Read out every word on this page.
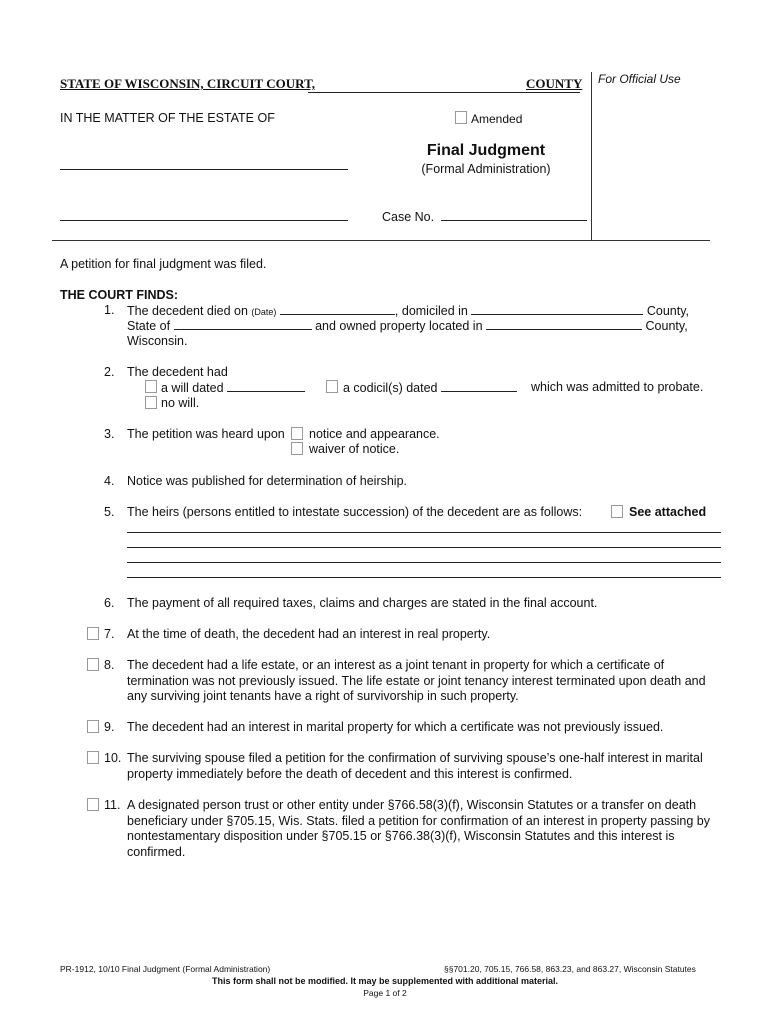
STATE OF WISCONSIN, CIRCUIT COURT,	COUNTY For Official Use
IN THE MATTER OF THE ESTATE OF	Amended
Final Judgment
(Formal Administration)
Case No.
A petition for final judgment was filed.
THE COURT FINDS:
1. The decedent died on (Date)	, domiciled in	County,
State of	and owned property located in	County,
Wisconsin.
2. The decedent had
a will dated	a codicil(s) dated	which was admitted to probate.
no will.
3. The petition was heard upon notice and appearance.
waiver of notice.
4. Notice was published for determination of heirship.
5. The heirs (persons entitled to intestate succession) of the decedent are as follows:	See attached
6. The payment of all required taxes, claims and charges are stated in the final account.
7. At the time of death, the decedent had an interest in real property.
8. The decedent had a life estate, or an interest as a joint tenant in property for which a certificate of
termination was not previously issued. The life estate or joint tenancy interest terminated upon death and
any surviving joint tenants have a right of survivorship in such property.
9. The decedent had an interest in marital property for which a certificate was not previously issued.
10. The surviving spouse filed a petition for the confirmation of surviving spouse’s one-half interest in marital
property immediately before the death of decedent and this interest is confirmed.
11. A designated person trust or other entity under §766.58(3)(f), Wisconsin Statutes or a transfer on death
beneficiary under §705.15, Wis. Stats. filed a petition for confirmation of an interest in property passing by
nontestamentary disposition under §705.15 or §766.38(3)(f), Wisconsin Statutes and this interest is
confirmed.
PR-1912, 10/10 Final Judgment (Formal Administration)	§§701.20, 705.15, 766.58, 863.23, and 863.27, Wisconsin Statutes
This form shall not be modified. It may be supplemented with additional material.
Page 1 of 2
